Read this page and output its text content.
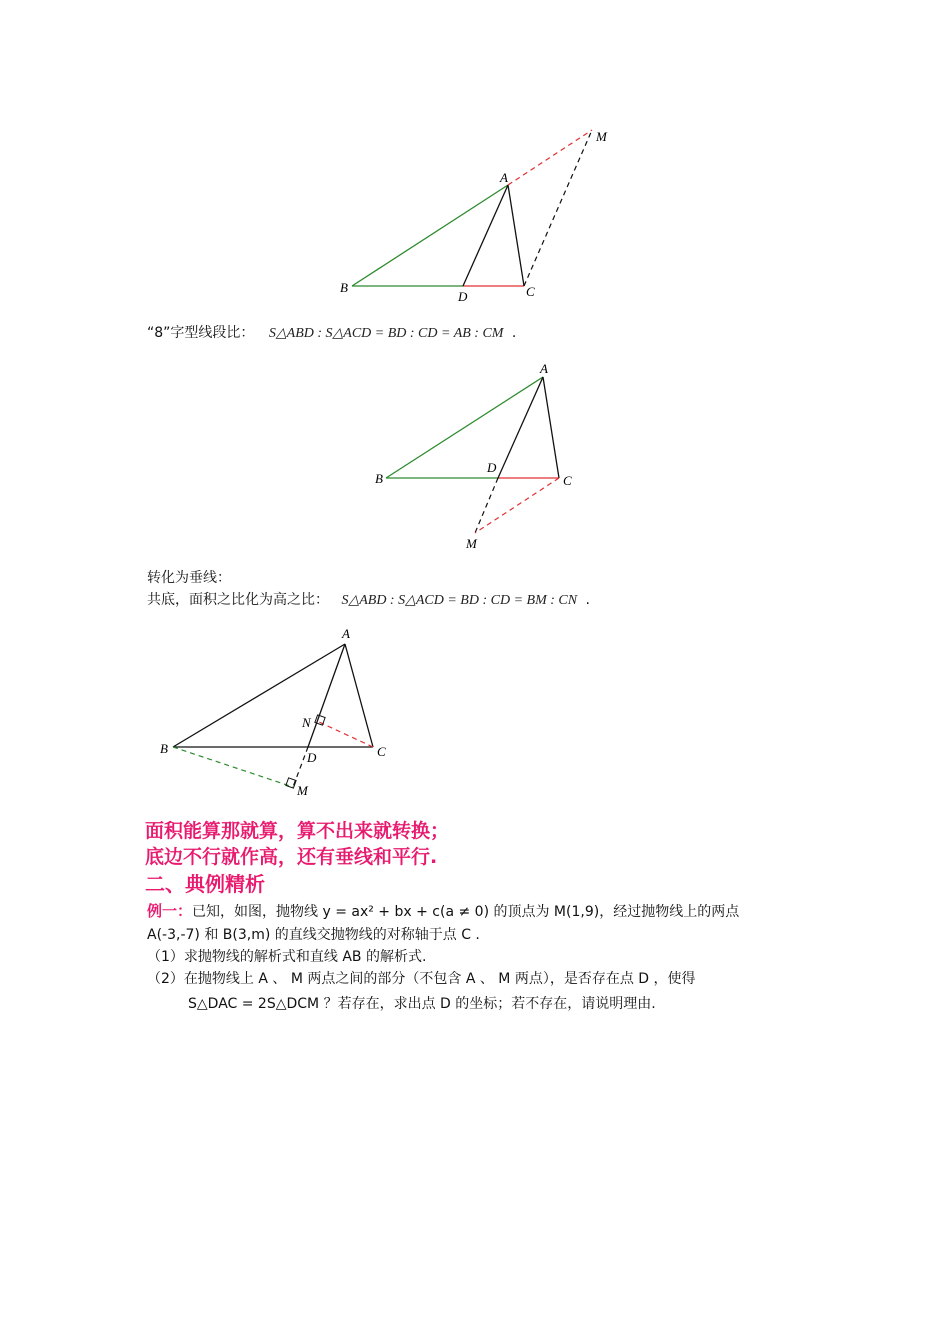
A
B	C
D
M
“8”字型线段比： S△ABD : S△ACD = BD : CD = AB : CM .
A
B	C
D
M
转化为垂线：
共底，面积之比化为高之比： S△ABD : S△ACD = BD : CD = BM : CN .
A
B	C
D
M
N
面积能算那就算，算不出来就转换；
底边不行就作高，还有垂线和平行.
二、典例精析
例一：已知，如图，抛物线 y = ax² + bx + c(a ≠ 0) 的顶点为 M(1,9)，经过抛物线上的两点
A(-3,-7) 和 B(3,m) 的直线交抛物线的对称轴于点 C .
（1）求抛物线的解析式和直线 AB 的解析式.
（2）在抛物线上 A 、 M 两点之间的部分（不包含 A 、 M 两点），是否存在点 D ，使得
S△DAC = 2S△DCM ？若存在，求出点 D 的坐标；若不存在，请说明理由.
